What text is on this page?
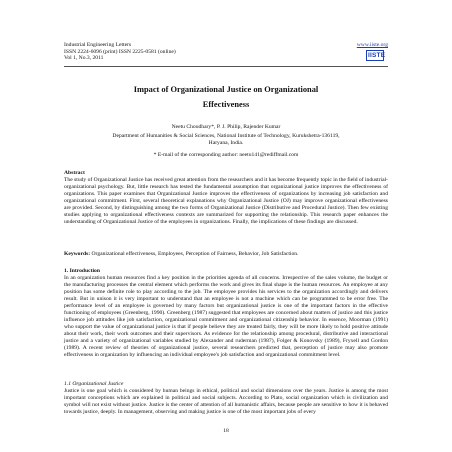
Industrial Engineering Letters
ISSN 2224-6096 (print) ISSN 2225-0581 (online)
Vol 1, No.3, 2011
www.iiste.org
IISTE
Impact of Organizational Justice on Organizational
Effectiveness
Neetu Choudhary*, P. J. Philip, Rajender Kumar
Department of Humanities & Social Sciences, National Institute of Technology, Kurukshetra-136119,
Haryana, India.
* E-mail of the corresponding author: neetu141@rediffmail.com
Abstract
The study of Organizational Justice has received great attention from the researchers and it has become frequently topic in the field of industrial-organizational psychology. But, little research has tested the fundamental assumption that organizational justice improves the effectiveness of organizations. This paper examines that Organizational Justice improves the effectiveness of organizations by increasing job satisfaction and organizational commitment. First, several theoretical explanations why Organizational Justice (OJ) may improve organizational effectiveness are provided. Second, by distinguishing among the two forms of Organizational Justice (Distributive and Procedural Justice). Then few existing studies applying to organizational effectiveness contexts are summarized for supporting the relationship. This research paper enhances the understanding of Organizational Justice of the employees in organizations. Finally, the implications of these findings are discussed.
Keywords: Organizational effectiveness, Employees, Perception of Fairness, Behavior, Job Satisfaction.
1. Introduction
In an organization human resources find a key position in the priorities agenda of all concerns. Irrespective of the sales volume, the budget or the manufacturing processes the central element which performs the work and gives its final shape is the human resources. An employee at any position has some definite role to play according to the job. The employee provides his services to the organization accordingly and delivers result. But in unison it is very important to understand that an employee is not a machine which can be programmed to be error free. The performance level of an employee is governed by many factors but organizational justice is one of the important factors in the effective functioning of employees (Greenberg, 1990). Greenberg (1987) suggested that employees are concerned about matters of justice and this justice influence job attitudes like job satisfaction, organizational commitment and organizational citizenship behavior. In essence, Moorman (1991) who support the value of organizational justice is that if people believe they are treated fairly, they will be more likely to hold positive attitude about their work, their work outcomes and their supervisors. As evidence for the relationship among procedural, distributive and interactional justice and a variety of organizational variables studied by Alexander and ruderman (1987), Folger & Konovsky (1989), Fryxell and Gordon (1989). A recent review of theories of organizational justice, several researchers predicted that, perception of justice may also promote effectiveness in organization by influencing an individual employee's job satisfaction and organizational commitment level.
1.1 Organizational Justice
Justice is one goal which is considered by human beings in ethical, political and social dimensions over the years. Justice is among the most important conceptions which are explained in political and social subjects. According to Plato, social organization which is civilization and symbol will not exist without justice. Justice is the center of attention of all humanistic affairs, because people are sensitive to how it is behaved towards justice, deeply. In management, observing and making justice is one of the most important jobs of every
18
